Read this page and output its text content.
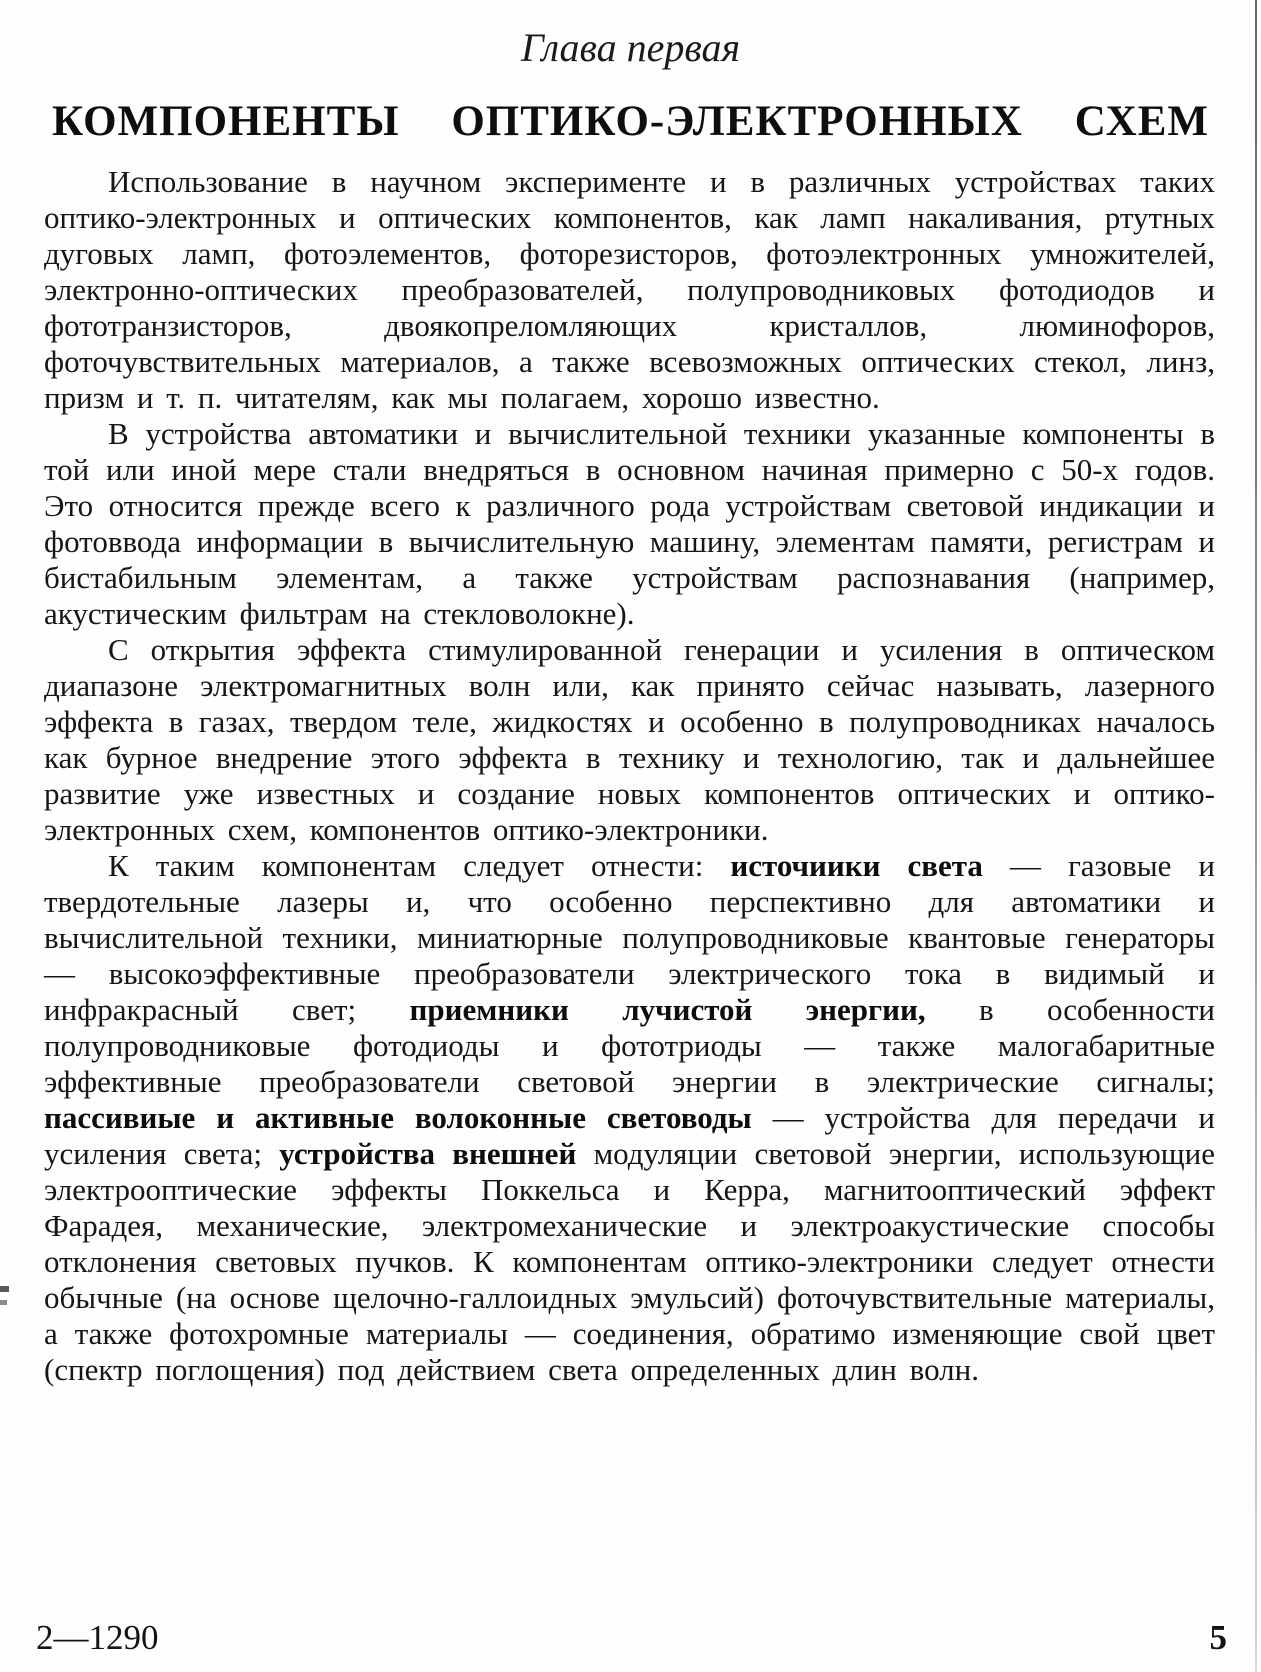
Глава первая
КОМПОНЕНТЫ ОПТИКО-ЭЛЕКТРОННЫХ СХЕМ
Использование в научном эксперименте и в различных устройствах таких оптико-электронных и оптических компонентов, как ламп накаливания, ртутных дуговых ламп, фотоэлементов, фоторезисторов, фотоэлектронных умножителей, электронно-оптических преобразователей, полупроводниковых фотодиодов и фототранзисторов, двоякопреломляющих кристаллов, люминофоров, фоточувствительных материалов, а также всевозможных оптических стекол, линз, призм и т. п. читателям, как мы полагаем, хорошо известно.
В устройства автоматики и вычислительной техники указанные компоненты в той или иной мере стали внедряться в основном начиная примерно с 50-х годов. Это относится прежде всего к различного рода устройствам световой индикации и фотоввода информации в вычислительную машину, элементам памяти, регистрам и бистабильным элементам, а также устройствам распознавания (например, акустическим фильтрам на стекловолокне).
С открытия эффекта стимулированной генерации и усиления в оптическом диапазоне электромагнитных волн или, как принято сейчас называть, лазерного эффекта в газах, твердом теле, жидкостях и особенно в полупроводниках началось как бурное внедрение этого эффекта в технику и технологию, так и дальнейшее развитие уже известных и создание новых компонентов оптических и оптико-электронных схем, компонентов оптико-электроники.
К таким компонентам следует отнести: источиики света — газовые и твердотельные лазеры и, что особенно перспективно для автоматики и вычислительной техники, миниатюрные полупроводниковые квантовые генераторы — высокоэффективные преобразователи электрического тока в видимый и инфракрасный свет; приемники лучистой энергии, в особенности полупроводниковые фотодиоды и фототриоды — также малогабаритные эффективные преобразователи световой энергии в электрические сигналы; пассивиые и активные волоконные световоды — устройства для передачи и усиления света; устройства внешней модуляции световой энергии, использующие электрооптические эффекты Поккельса и Керра, магнитооптический эффект Фарадея, механические, электромеханические и электроакустические способы отклонения световых пучков. К компонентам оптико-электроники следует отнести обычные (на основе щелочно-галлоидных эмульсий) фоточувствительные материалы, а также фотохромные материалы — соединения, обратимо изменяющие свой цвет (спектр поглощения) под действием света определенных длин волн.
2—1290	5
